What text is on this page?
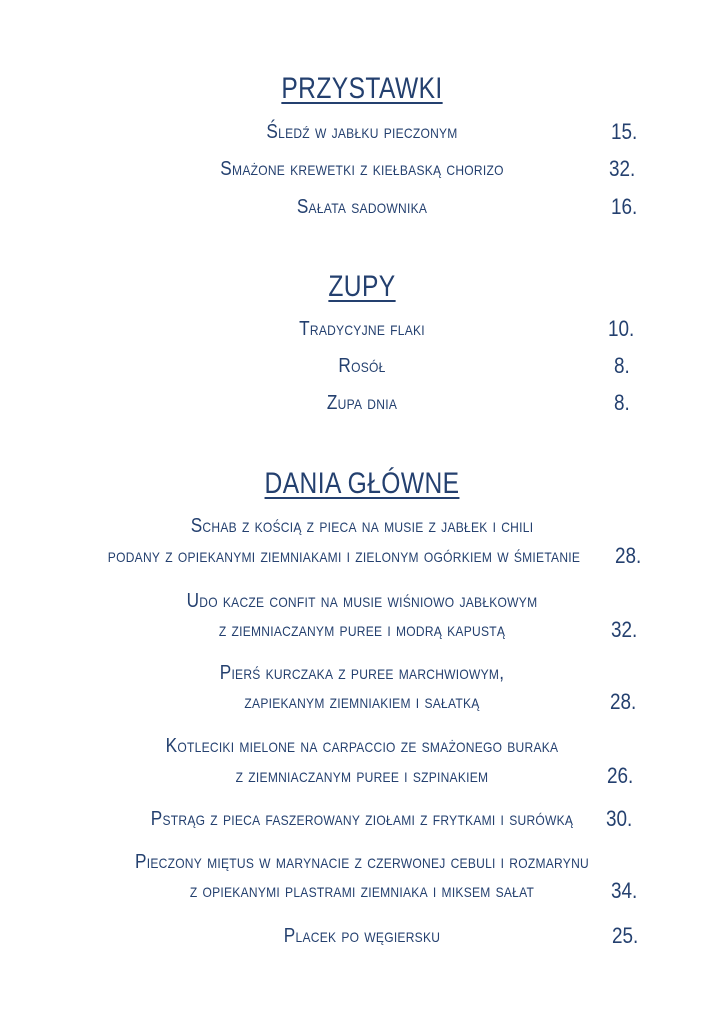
PRZYSTAWKI
Śledź w jabłku pieczonym	15.
Smażone krewetki z kiełbaską chorizo	32.
Sałata sadownika	16.
ZUPY
Tradycyjne flaki	10.
Rosół	8.
Zupa dnia	8.
DANIA GŁÓWNE
Schab z kością z pieca na musie z jabłek i chili
podany z opiekanymi ziemniakami i zielonym ogórkiem w śmietanie	28.
Udo kacze confit na musie wiśniowo jabłkowym
z ziemniaczanym puree i modrą kapustą	32.
Pierś kurczaka z puree marchwiowym,
zapiekanym ziemniakiem i sałatką	28.
Kotleciki mielone na carpaccio ze smażonego buraka
z ziemniaczanym puree i szpinakiem	26.
Pstrąg z pieca faszerowany ziołami z frytkami i surówką	30.
Pieczony miętus w marynacie z czerwonej cebuli i rozmarynu
z opiekanymi plastrami ziemniaka i miksem sałat	34.
Placek po węgiersku	25.
